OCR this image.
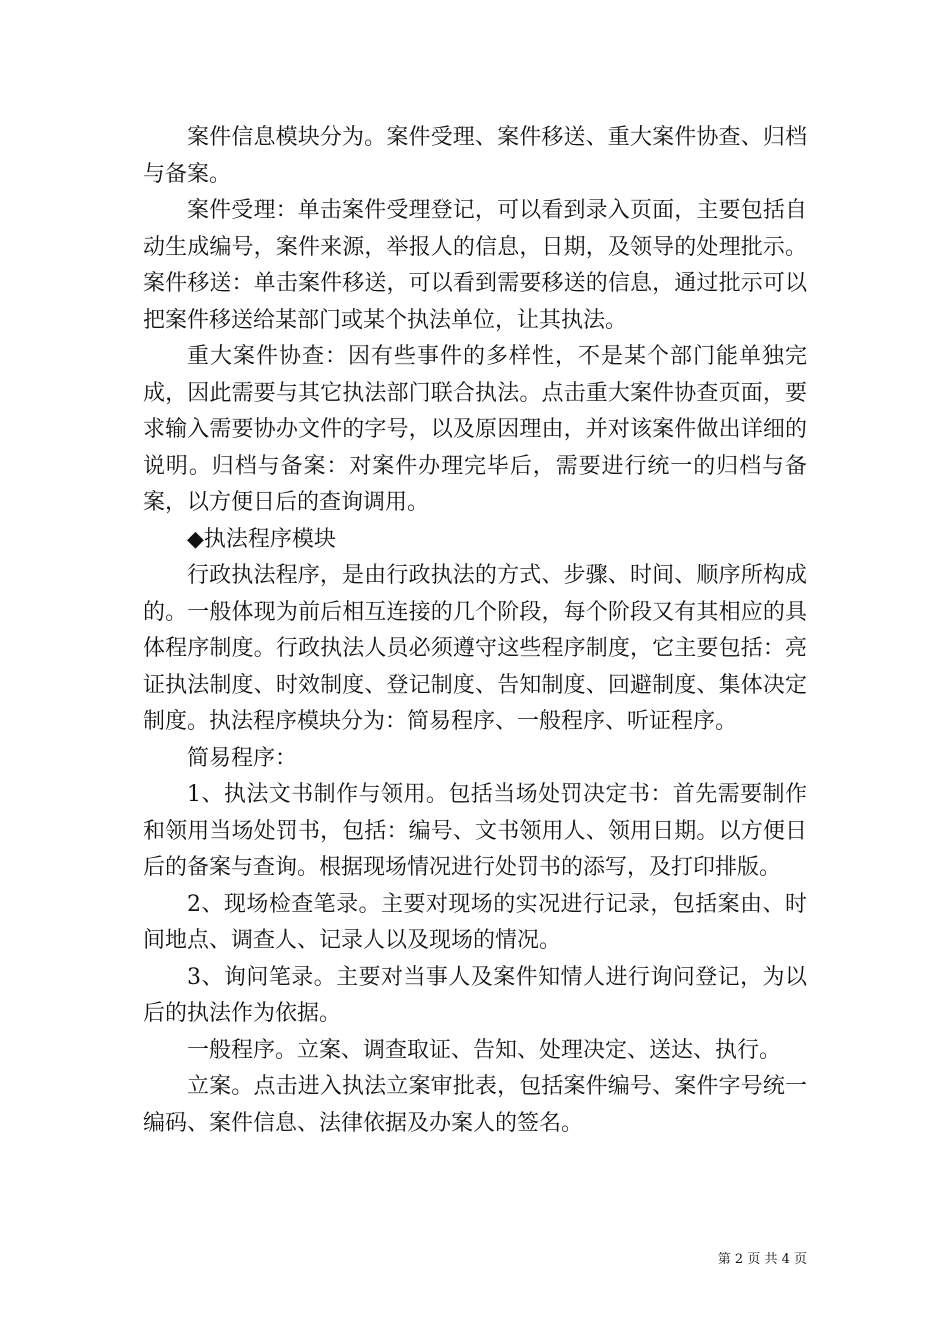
案件信息模块分为。案件受理、案件移送、重大案件协查、归档与备案。

案件受理：单击案件受理登记，可以看到录入页面，主要包括自动生成编号，案件来源，举报人的信息，日期，及领导的处理批示。案件移送：单击案件移送，可以看到需要移送的信息，通过批示可以把案件移送给某部门或某个执法单位，让其执法。

重大案件协查：因有些事件的多样性，不是某个部门能单独完成，因此需要与其它执法部门联合执法。点击重大案件协查页面，要求输入需要协办文件的字号，以及原因理由，并对该案件做出详细的说明。归档与备案：对案件办理完毕后，需要进行统一的归档与备案，以方便日后的查询调用。

◆执法程序模块

行政执法程序，是由行政执法的方式、步骤、时间、顺序所构成的。一般体现为前后相互连接的几个阶段，每个阶段又有其相应的具体程序制度。行政执法人员必须遵守这些程序制度，它主要包括：亮证执法制度、时效制度、登记制度、告知制度、回避制度、集体决定制度。执法程序模块分为：简易程序、一般程序、听证程序。

简易程序：

1、执法文书制作与领用。包括当场处罚决定书：首先需要制作和领用当场处罚书，包括：编号、文书领用人、领用日期。以方便日后的备案与查询。根据现场情况进行处罚书的添写，及打印排版。

2、现场检查笔录。主要对现场的实况进行记录，包括案由、时间地点、调查人、记录人以及现场的情况。

3、询问笔录。主要对当事人及案件知情人进行询问登记，为以后的执法作为依据。

一般程序。立案、调查取证、告知、处理决定、送达、执行。

立案。点击进入执法立案审批表，包括案件编号、案件字号统一编码、案件信息、法律依据及办案人的签名。

第 2 页 共 4 页
